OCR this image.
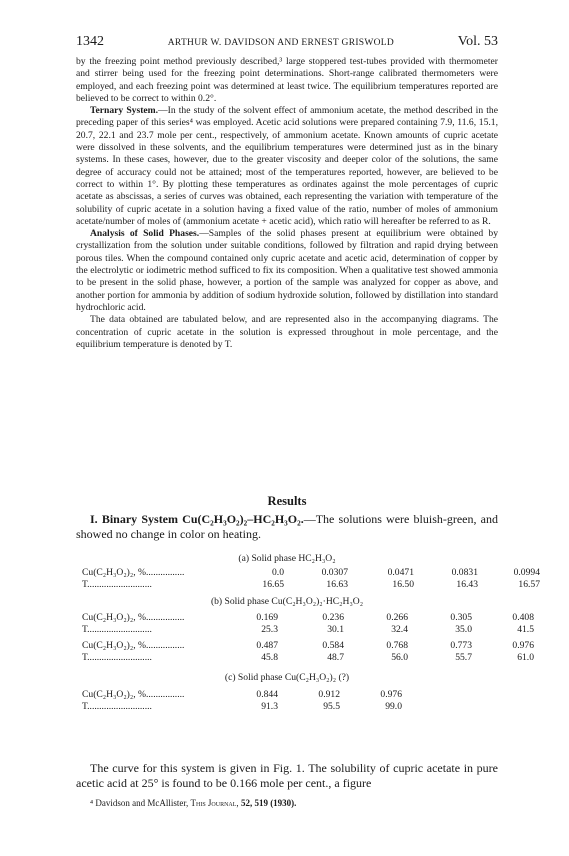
1342	ARTHUR W. DAVIDSON AND ERNEST GRISWOLD	Vol. 53

by the freezing point method previously described,³ large stoppered test-tubes provided with thermometer and stirrer being used for the freezing point determinations. Short-range calibrated thermometers were employed, and each freezing point was determined at least twice. The equilibrium temperatures reported are believed to be correct to within 0.2°.

Ternary System.—In the study of the solvent effect of ammonium acetate, the method described in the preceding paper of this series⁴ was employed. Acetic acid solutions were prepared containing 7.9, 11.6, 15.1, 20.7, 22.1 and 23.7 mole per cent., respectively, of ammonium acetate. Known amounts of cupric acetate were dissolved in these solvents, and the equilibrium temperatures were determined just as in the binary systems. In these cases, however, due to the greater viscosity and deeper color of the solutions, the same degree of accuracy could not be attained; most of the temperatures reported, however, are believed to be correct to within 1°. By plotting these temperatures as ordinates against the mole percentages of cupric acetate as abscissas, a series of curves was obtained, each representing the variation with temperature of the solubility of cupric acetate in a solution having a fixed value of the ratio, number of moles of ammonium acetate/number of moles of (ammonium acetate + acetic acid), which ratio will hereafter be referred to as R.

Analysis of Solid Phases.—Samples of the solid phases present at equilibrium were obtained by crystallization from the solution under suitable conditions, followed by filtration and rapid drying between porous tiles. When the compound contained only cupric acetate and acetic acid, determination of copper by the electrolytic or iodimetric method sufficed to fix its composition. When a qualitative test showed ammonia to be present in the solid phase, however, a portion of the sample was analyzed for copper as above, and another portion for ammonia by addition of sodium hydroxide solution, followed by distillation into standard hydrochloric acid.

The data obtained are tabulated below, and are represented also in the accompanying diagrams. The concentration of cupric acetate in the solution is expressed throughout in mole percentage, and the equilibrium temperature is denoted by T.

Results
I. Binary System Cu(C₂H₃O₂)₂–HC₂H₃O₂.—The solutions were bluish-green, and showed no change in color on heating.
(a) Solid phase HC₂H₃O₂
Cu(C₂H₃O₂)₂, %................	0.0	0.0307	0.0471	0.0831	0.0994
T...........................	16.65	16.63	16.50	16.43	16.57
(b) Solid phase Cu(C₂H₃O₂)₂·HC₂H₃O₂
Cu(C₂H₃O₂)₂, %................	0.169	0.236	0.266	0.305	0.408
T...........................	25.3	30.1	32.4	35.0	41.5
Cu(C₂H₃O₂)₂, %................	0.487	0.584	0.768	0.773	0.976
T...........................	45.8	48.7	56.0	55.7	61.0
(c) Solid phase Cu(C₂H₃O₂)₂ (?)
Cu(C₂H₃O₂)₂, %................	0.844	0.912	0.976
T...........................	91.3	95.5	99.0
The curve for this system is given in Fig. 1. The solubility of cupric acetate in pure acetic acid at 25° is found to be 0.166 mole per cent., a figure
⁴ Davidson and McAllister, This Journal, 52, 519 (1930).
